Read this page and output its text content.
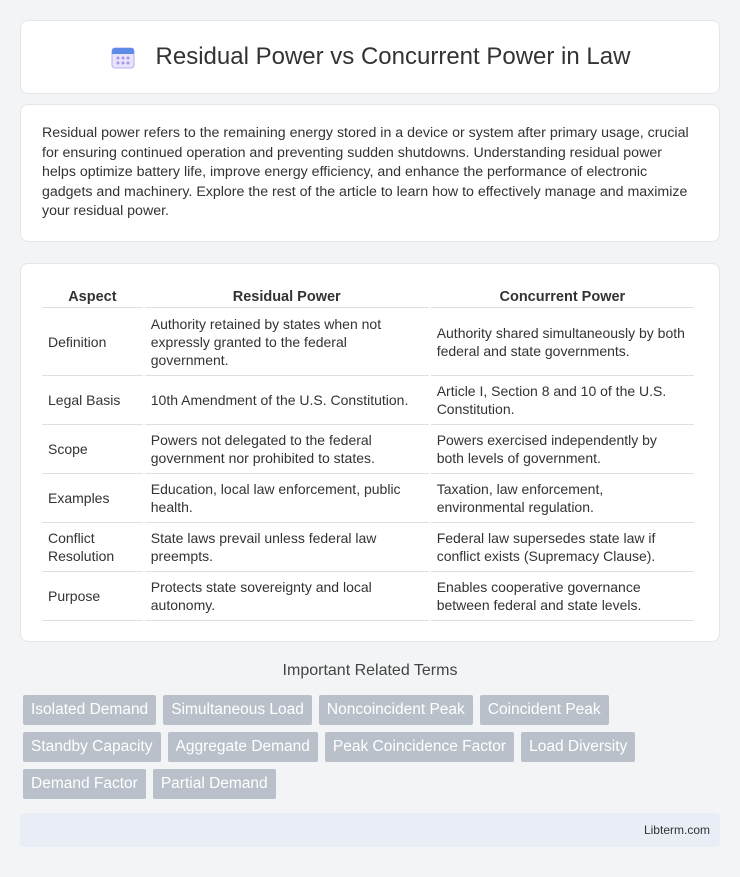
Residual Power vs Concurrent Power in Law

Residual power refers to the remaining energy stored in a device or system after primary usage, crucial for ensuring continued operation and preventing sudden shutdowns. Understanding residual power helps optimize battery life, improve energy efficiency, and enhance the performance of electronic gadgets and machinery. Explore the rest of the article to learn how to effectively manage and maximize your residual power.

Aspect	Residual Power	Concurrent Power
Definition	Authority retained by states when not expressly granted to the federal government.	Authority shared simultaneously by both federal and state governments.
Legal Basis	10th Amendment of the U.S. Constitution.	Article I, Section 8 and 10 of the U.S. Constitution.
Scope	Powers not delegated to the federal government nor prohibited to states.	Powers exercised independently by both levels of government.
Examples	Education, local law enforcement, public health.	Taxation, law enforcement, environmental regulation.
Conflict Resolution	State laws prevail unless federal law preempts.	Federal law supersedes state law if conflict exists (Supremacy Clause).
Purpose	Protects state sovereignty and local autonomy.	Enables cooperative governance between federal and state levels.
Important Related Terms
Isolated Demand	Simultaneous Load	Noncoincident Peak	Coincident Peak
Standby Capacity	Aggregate Demand	Peak Coincidence Factor	Load Diversity
Demand Factor	Partial Demand
Libterm.com
